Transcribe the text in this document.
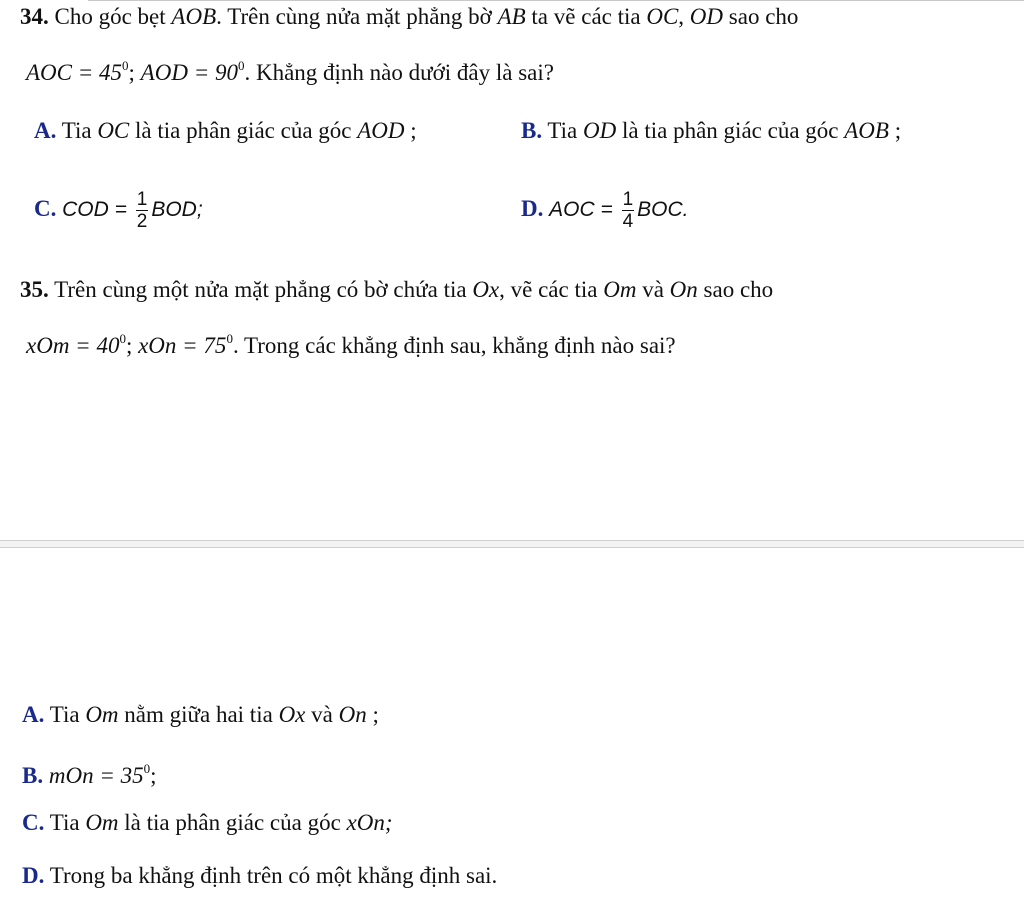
34. Cho góc bẹt AOB. Trên cùng nửa mặt phẳng bờ AB ta vẽ các tia OC, OD sao cho
AOC = $45^0$; AOD = $90^0$. Khẳng định nào dưới đây là sai?
A. Tia OC là tia phân giác của góc AOD ;	B. Tia OD là tia phân giác của góc AOB ;
C. COD = $\frac{1}{2}$ BOD;	D. AOC = $\frac{1}{4}$ BOC.
35. Trên cùng một nửa mặt phẳng có bờ chứa tia Ox, vẽ các tia Om và On sao cho
xOm = $40^0$; xOn = $75^0$. Trong các khẳng định sau, khẳng định nào sai?
A. Tia Om nằm giữa hai tia Ox và On ;
B. mOn = $35^0$;
C. Tia Om là tia phân giác của góc xOn;
D. Trong ba khẳng định trên có một khẳng định sai.
